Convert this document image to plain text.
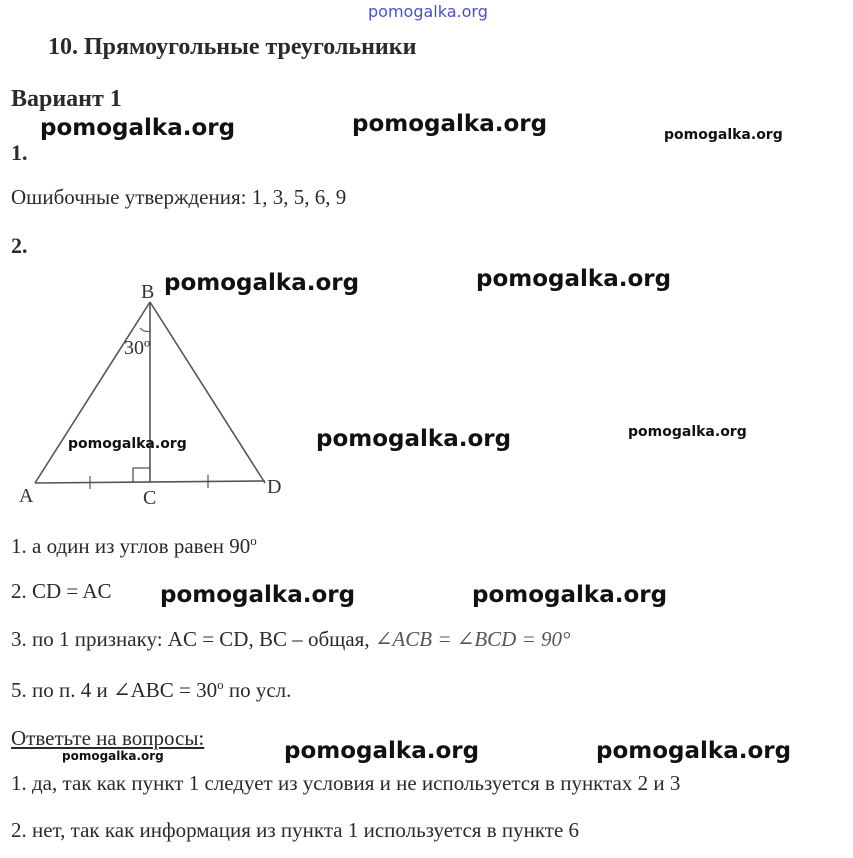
pomogalka.org
10. Прямоугольные треугольники
Вариант 1
1.
Ошибочные утверждения: 1, 3, 5, 6, 9
2.
B
A	C	D
30º
1. а один из углов равен 90$^o$
2. CD = AC
3. по 1 признаку: AC = CD, BC – общая, ∠ACB = ∠BCD = 90°
5. по п. 4 и ∠ABC = $30^o$ по усл.
Ответьте на вопросы:
1. да, так как пункт 1 следует из условия и не используется в пунктах 2 и 3
2. нет, так как информация из пункта 1 используется в пункте 6
pomogalka.org	pomogalka.org	pomogalka.org
pomogalka.org	pomogalka.org
pomogalka.org	pomogalka.org	pomogalka.org
pomogalka.org	pomogalka.org
pomogalka.org	pomogalka.org	pomogalka.org
